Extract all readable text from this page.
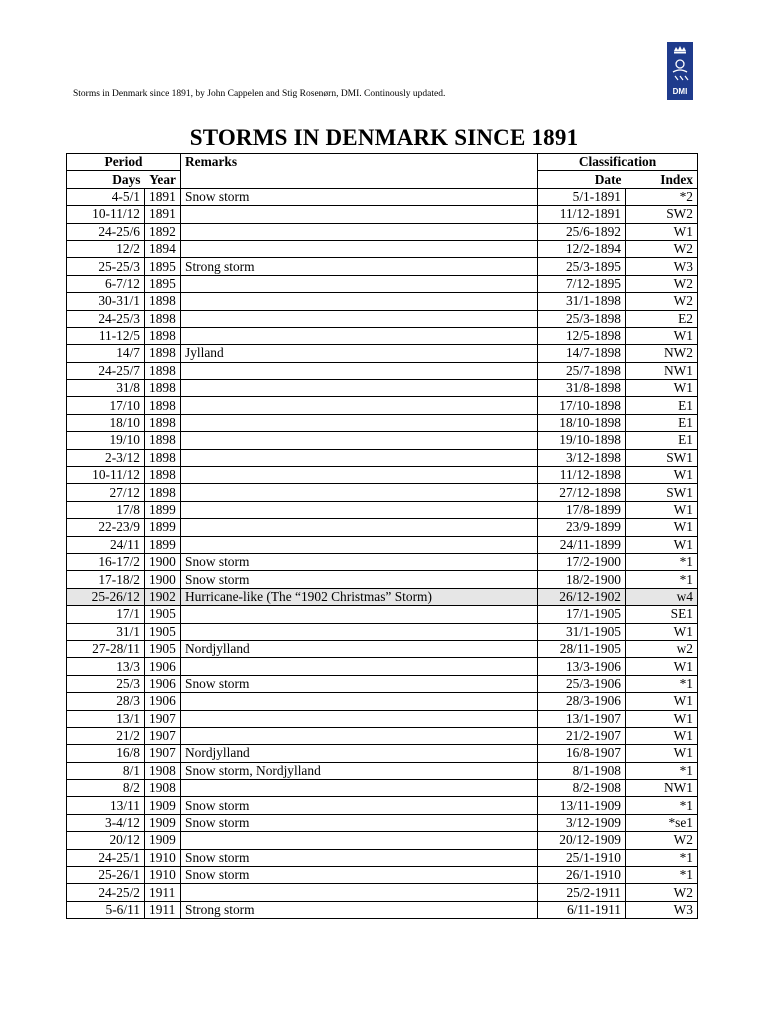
Storms in Denmark since 1891, by John Cappelen and Stig Rosenørn, DMI. Continously updated.	DMI
STORMS IN DENMARK SINCE 1891
Period		Remarks	Classification	
Days	Year		Date	Index
4-5/1	1891	Snow storm	5/1-1891	*2
10-11/12	1891		11/12-1891	SW2
24-25/6	1892		25/6-1892	W1
12/2	1894		12/2-1894	W2
25-25/3	1895	Strong storm	25/3-1895	W3
6-7/12	1895		7/12-1895	W2
30-31/1	1898		31/1-1898	W2
24-25/3	1898		25/3-1898	E2
11-12/5	1898		12/5-1898	W1
14/7	1898	Jylland	14/7-1898	NW2
24-25/7	1898		25/7-1898	NW1
31/8	1898		31/8-1898	W1
17/10	1898		17/10-1898	E1
18/10	1898		18/10-1898	E1
19/10	1898		19/10-1898	E1
2-3/12	1898		3/12-1898	SW1
10-11/12	1898		11/12-1898	W1
27/12	1898		27/12-1898	SW1
17/8	1899		17/8-1899	W1
22-23/9	1899		23/9-1899	W1
24/11	1899		24/11-1899	W1
16-17/2	1900	Snow storm	17/2-1900	*1
17-18/2	1900	Snow storm	18/2-1900	*1
25-26/12	1902	Hurricane-like (The “1902 Christmas” Storm)	26/12-1902	w4
17/1	1905		17/1-1905	SE1
31/1	1905		31/1-1905	W1
27-28/11	1905	Nordjylland	28/11-1905	w2
13/3	1906		13/3-1906	W1
25/3	1906	Snow storm	25/3-1906	*1
28/3	1906		28/3-1906	W1
13/1	1907		13/1-1907	W1
21/2	1907		21/2-1907	W1
16/8	1907	Nordjylland	16/8-1907	W1
8/1	1908	Snow storm, Nordjylland	8/1-1908	*1
8/2	1908		8/2-1908	NW1
13/11	1909	Snow storm	13/11-1909	*1
3-4/12	1909	Snow storm	3/12-1909	*se1
20/12	1909		20/12-1909	W2
24-25/1	1910	Snow storm	25/1-1910	*1
25-26/1	1910	Snow storm	26/1-1910	*1
24-25/2	1911		25/2-1911	W2
5-6/11	1911	Strong storm	6/11-1911	W3
